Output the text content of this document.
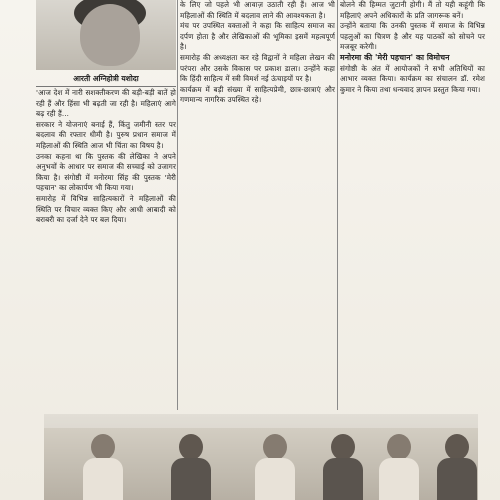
आरती अग्निहोत्री यशोदा

'आज देश में नारी सशक्तीकरण की बड़ी-बड़ी बातें हो रही हैं और हिंसा भी बढ़ती जा रही है। महिलाएं आगे बढ़ रही हैं...

सरकार ने योजनाएं बनाई हैं, किंतु जमीनी स्तर पर बदलाव की रफ्तार धीमी है। पुरुष प्रधान समाज में महिलाओं की स्थिति आज भी चिंता का विषय है।

उनका कहना था कि पुस्तक की लेखिका ने अपने अनुभवों के आधार पर समाज की सच्चाई को उजागर किया है। संगोष्ठी में मनोरमा सिंह की पुस्तक 'मेरी पहचान' का लोकार्पण भी किया गया।

समारोह में विभिन्न साहित्यकारों ने महिलाओं की स्थिति पर विचार व्यक्त किए और आधी आबादी को बराबरी का दर्जा देने पर बल दिया।

के लिए जो पहले भी आवाज़ उठाती रही हैं। आज भी महिलाओं की स्थिति में बदलाव लाने की आवश्यकता है।

मंच पर उपस्थित वक्ताओं ने कहा कि साहित्य समाज का दर्पण होता है और लेखिकाओं की भूमिका इसमें महत्वपूर्ण है।

समारोह की अध्यक्षता कर रहे विद्वानों ने महिला लेखन की परंपरा और उसके विकास पर प्रकाश डाला। उन्होंने कहा कि हिंदी साहित्य में स्त्री विमर्श नई ऊंचाइयों पर है।

कार्यक्रम में बड़ी संख्या में साहित्यप्रेमी, छात्र-छात्राएं और गणमान्य नागरिक उपस्थित रहे।

बोलने की हिम्मत जुटानी होगी। मैं तो यही कहूंगी कि महिलाएं अपने अधिकारों के प्रति जागरूक बनें।

उन्होंने बताया कि उनकी पुस्तक में समाज के विभिन्न पहलुओं का चित्रण है और यह पाठकों को सोचने पर मजबूर करेगी।

मनोरमा की 'मेरी पहचान' का विमोचन

संगोष्ठी के अंत में आयोजकों ने सभी अतिथियों का आभार व्यक्त किया। कार्यक्रम का संचालन डॉ. रमेश कुमार ने किया तथा धन्यवाद ज्ञापन प्रस्तुत किया गया।
